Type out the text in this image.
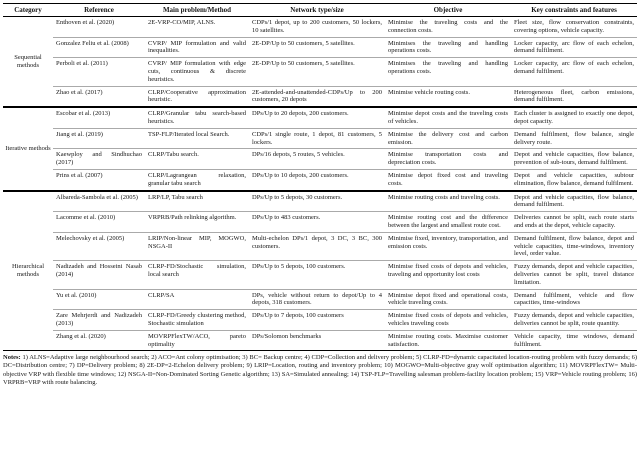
Category	Reference	Main problem/Method	Network type/size	Objective	Key constraints and features
Sequential methods	Enthoven et al. (2020)	2E-VRP-CO/MIP, ALNS.	CDPs/1 depot, up to 200 customers, 50 lockers, 10 satellites.	Minimise the traveling costs and the connection costs.	Fleet size, flow conservation constraints, covering options, vehicle capacity.
	Gonzalez Feliu et al. (2008)	CVRP/ MIP formulation and valid inequalities.	2E-DP/Up to 50 customers, 5 satellites.	Minimises the traveling and handling operations costs.	Locker capacity, arc flow of each echelon, demand fulfilment.
	Perboli et al. (2011)	CVRP/ MIP formulation with edge cuts, continuous & discrete heuristics.	2E-DP/Up to 50 customers, 5 satellites.	Minimises the traveling and handling operations costs.	Locker capacity, arc flow of each echelon, demand fulfilment.
	Zhao et al. (2017)	CLRP/Cooperative approximation heuristic.	2E-attended-and-unattended-CDPs/Up to 200 customers, 20 depots	Minimise vehicle routing costs.	Heterogeneous fleet, carbon emissions, demand fulfilment.
Iterative methods	Escobar et al. (2013)	CLRP/Granular tabu search-based heuristics.	DPs/Up to 20 depots, 200 customers.	Minimise depot costs and the traveling costs of vehicles.	Each cluster is assigned to exactly one depot, depot capacity.
	Jiang et al. (2019)	TSP-FLP/Iterated local Search.	CDPs/1 single route, 1 depot, 81 customers, 5 lockers.	Minimise the delivery cost and carbon emission.	Demand fulfilment, flow balance, single delivery route.
	Kaewploy and Sindhuchao (2017)	CLRP/Tabu search.	DPs/16 depots, 5 routes, 5 vehicles.	Minimise transportation costs and depreciation costs.	Depot and vehicle capacities, flow balance, prevention of sub-tours, demand fulfilment.
	Prins et al. (2007)	CLRP/Lagrangean relaxation, granular tabu search	DPs/Up to 10 depots, 200 customers.	Minimise depot fixed cost and traveling costs.	Depot and vehicle capacities, subtour elimination, flow balance, demand fulfilment.
Hierarchical methods	Albareda-Sambola et al. (2005)	LRP/LP, Tabu search	DPs/Up to 5 depots, 30 customers.	Minimise routing costs and traveling costs.	Depot and vehicle capacities, flow balance, demand fulfilment.
	Lacomme et al. (2010)	VRPRB/Path relinking algorithm.	DPs/Up to 483 customers.	Minimise routing cost and the difference between the largest and smallest route cost.	Deliveries cannot be split, each route starts and ends at the depot, vehicle capacity.
	Melechovsky et al. (2005)	LRIP/Non-linear MIP, MOGWO, NSGA-II	Multi-echelon DPs/1 depot, 3 DC, 3 BC, 300 customers.	Minimise fixed, inventory, transportation, and emission costs.	Demand fulfilment, flow balance, depot and vehicle capacities, time-windows, inventory level, order value.
	Nadizadeh and Hosseini Nasab (2014)	CLRP-FD/Stochastic simulation, local search	DPs/Up to 5 depots, 100 customers.	Minimise fixed costs of depots and vehicles, traveling and opportunity lost costs	Fuzzy demands, depot and vehicle capacities, deliveries cannot be split, travel distance limitation.
	Yu et al. (2010)	CLRP/SA	DPs, vehicle without return to depot/Up to 4 depots, 318 customers.	Minimise depot fixed and operational costs, vehicle traveling costs.	Demand fulfilment, vehicle and flow capacities, time-windows
	Zare Mehrjerdi and Nadizadeh (2013)	CLRP-FD/Greedy clustering method, Stochastic simulation	DPs/Up to 7 depots, 100 customers	Minimise fixed costs of depots and vehicles, vehicles traveling costs	Fuzzy demands, depot and vehicle capacities, deliveries cannot be split, route quantity.
	Zhang et al. (2020)	MOVRPFlexTW/ACO, pareto optimality	DPs/Solomon benchmarks	Minimise routing costs. Maximise customer satisfaction.	Vehicle capacity, time windows, demand fulfilment.

Notes: 1) ALNS=Adaptive large neighbourhood search; 2) ACO=Ant colony optimisation; 3) BC= Backup centre; 4) CDP=Collection and delivery problem; 5) CLRP-FD=dynamic capacitated location-routing problem with fuzzy demands; 6) DC=Distribution centre; 7) DP=Delivery problem; 8) 2E-DP=2-Echelon delivery problem; 9) LRIP=Location, routing and inventory problem; 10) MOGWO=Multi-objective gray wolf optimisation algorithm; 11) MOVRPFlexTW= Multi-objective VRP with flexible time windows; 12) NSGA-II=Non-Dominated Sorting Genetic algorithm; 13) SA=Simulated annealing; 14) TSP-FLP=Travelling salesman problem-facility location problem; 15) VRP=Vehicle routing problem; 16) VRPRB=VRP with route balancing.
